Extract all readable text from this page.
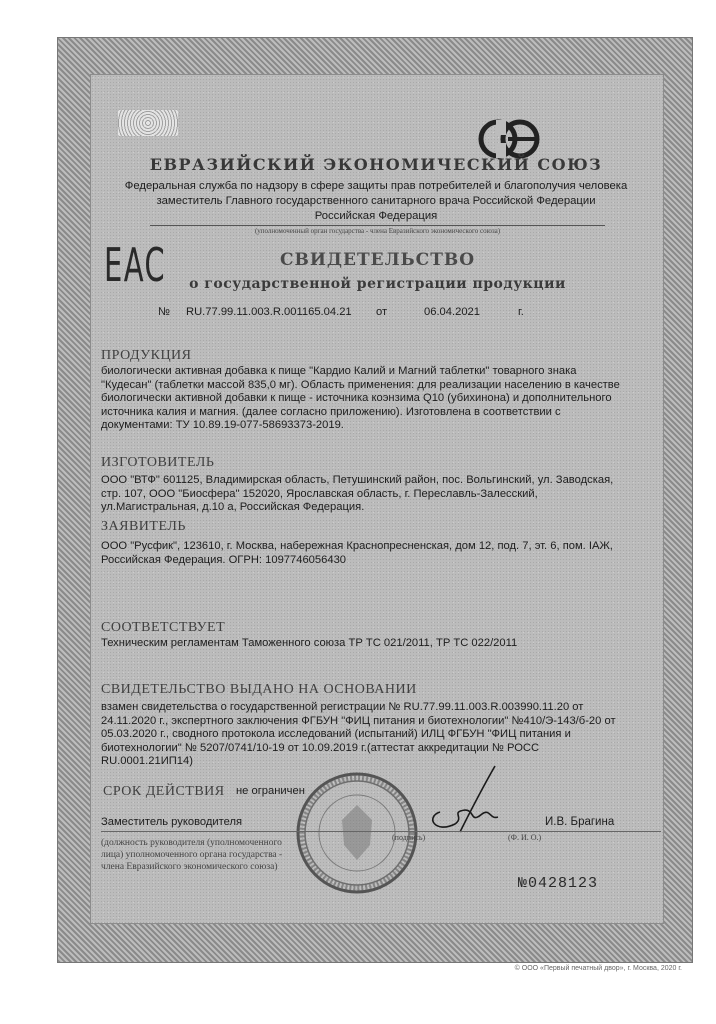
ЕВРАЗИЙСКИЙ ЭКОНОМИЧЕСКИЙ СОЮЗ
Федеральная служба по надзору в сфере защиты прав потребителей и благополучия человека
заместитель Главного государственного санитарного врача Российской Федерации
Российская Федерация
(уполномоченный орган государства - члена Евразийского экономического союза)
EAC	СВИДЕТЕЛЬСТВО
о государственной регистрации продукции
№ RU.77.99.11.003.R.001165.04.21 от	06.04.2021	г.
ПРОДУКЦИЯ
биологически активная добавка к пище "Кардио Калий и Магний таблетки" товарного знака
"Кудесан" (таблетки массой 835,0 мг). Область применения: для реализации населению в качестве
биологически активной добавки к пище - источника коэнзима Q10 (убихинона) и дополнительного
источника калия и магния. (далее согласно приложению). Изготовлена в соответствии с
документами: ТУ 10.89.19-077-58693373-2019.
ИЗГОТОВИТЕЛЬ
ООО "ВТФ" 601125, Владимирская область, Петушинский район, пос. Вольгинский, ул. Заводская,
стр. 107, ООО "Биосфера" 152020, Ярославская область, г. Переславль-Залесский,
ул.Магистральная, д.10 а, Российская Федерация.
ЗАЯВИТЕЛЬ
ООО "Русфик", 123610, г. Москва, набережная Краснопресненская, дом 12, под. 7, эт. 6, пом. IАЖ,
Российская Федерация. ОГРН: 1097746056430
СООТВЕТСТВУЕТ
Техническим регламентам Таможенного союза ТР ТС 021/2011, ТР ТС 022/2011
СВИДЕТЕЛЬСТВО ВЫДАНО НА ОСНОВАНИИ
взамен свидетельства о государственной регистрации № RU.77.99.11.003.R.003990.11.20 от
24.11.2020 г., экспертного заключения ФГБУН "ФИЦ питания и биотехнологии" №410/Э-143/б-20 от
05.03.2020 г., сводного протокола исследований (испытаний) ИЛЦ ФГБУН "ФИЦ питания и
биотехнологии" № 5207/0741/10-19 от 10.09.2019 г.(аттестат аккредитации № РОСС
RU.0001.21ИП14)
СРОК ДЕЙСТВИЯ не ограничен
Заместитель руководителя	И.В. Брагина
(подпись)	(Ф. И. О.)
(должность руководителя (уполномоченного
лица) уполномоченного органа государства -
члена Евразийского экономического союза)
№0428123
© ООО «Первый печатный двор», г. Москва, 2020 г.
